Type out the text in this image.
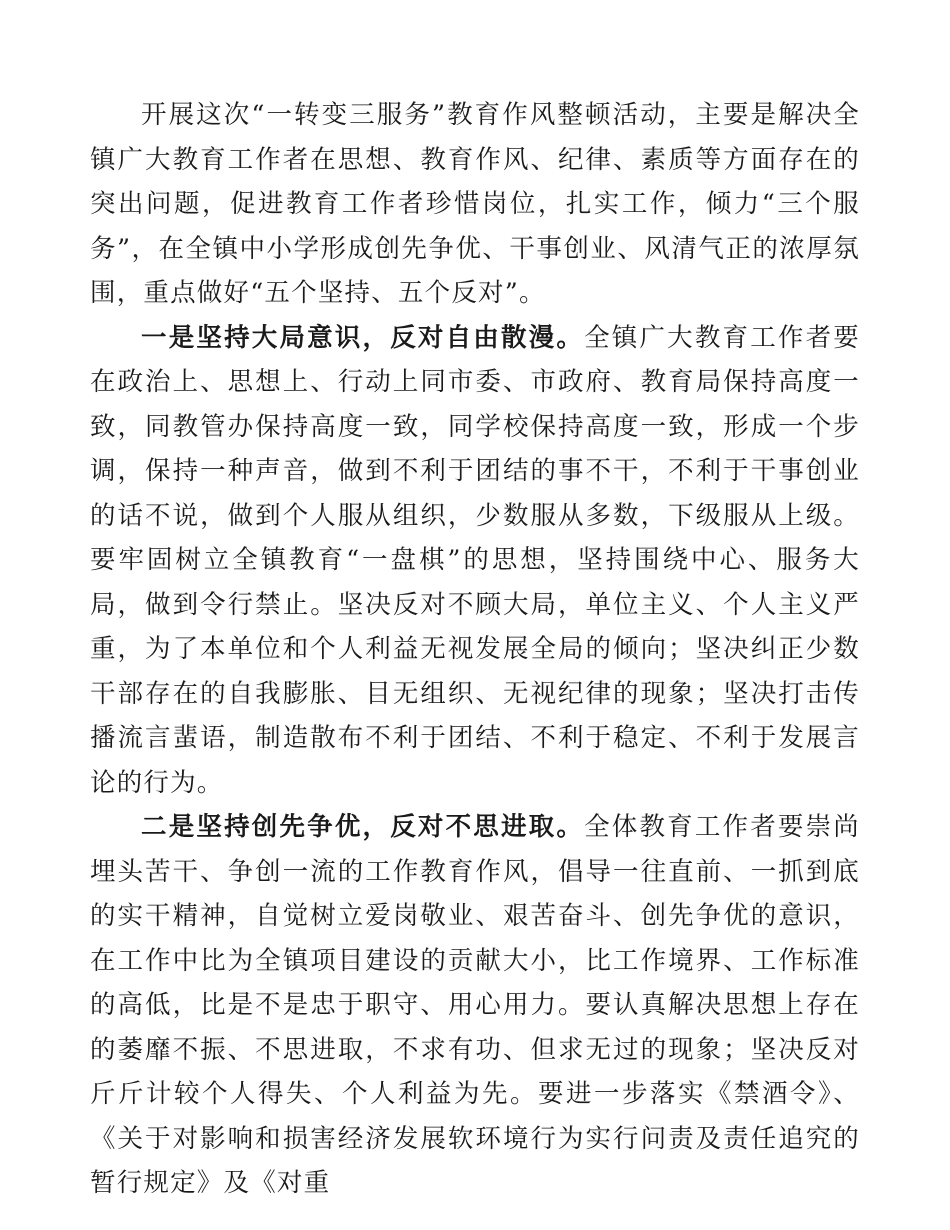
开展这次“一转变三服务”教育作风整顿活动，主要是解决全镇广大教育工作者在思想、教育作风、纪律、素质等方面存在的突出问题，促进教育工作者珍惜岗位，扎实工作，倾力“三个服务”，在全镇中小学形成创先争优、干事创业、风清气正的浓厚氛围，重点做好“五个坚持、五个反对”。

一是坚持大局意识，反对自由散漫。全镇广大教育工作者要在政治上、思想上、行动上同市委、市政府、教育局保持高度一致，同教管办保持高度一致，同学校保持高度一致，形成一个步调，保持一种声音，做到不利于团结的事不干，不利于干事创业的话不说，做到个人服从组织，少数服从多数，下级服从上级。要牢固树立全镇教育“一盘棋”的思想，坚持围绕中心、服务大局，做到令行禁止。坚决反对不顾大局，单位主义、个人主义严重，为了本单位和个人利益无视发展全局的倾向；坚决纠正少数干部存在的自我膨胀、目无组织、无视纪律的现象；坚决打击传播流言蜚语，制造散布不利于团结、不利于稳定、不利于发展言论的行为。

二是坚持创先争优，反对不思进取。全体教育工作者要崇尚埋头苦干、争创一流的工作教育作风，倡导一往直前、一抓到底的实干精神，自觉树立爱岗敬业、艰苦奋斗、创先争优的意识，在工作中比为全镇项目建设的贡献大小，比工作境界、工作标准的高低，比是不是忠于职守、用心用力。要认真解决思想上存在的萎靡不振、不思进取，不求有功、但求无过的现象；坚决反对斤斤计较个人得失、个人利益为先。要进一步落实《禁酒令》、《关于对影响和损害经济发展软环境行为实行问责及责任追究的暂行规定》及《对重
